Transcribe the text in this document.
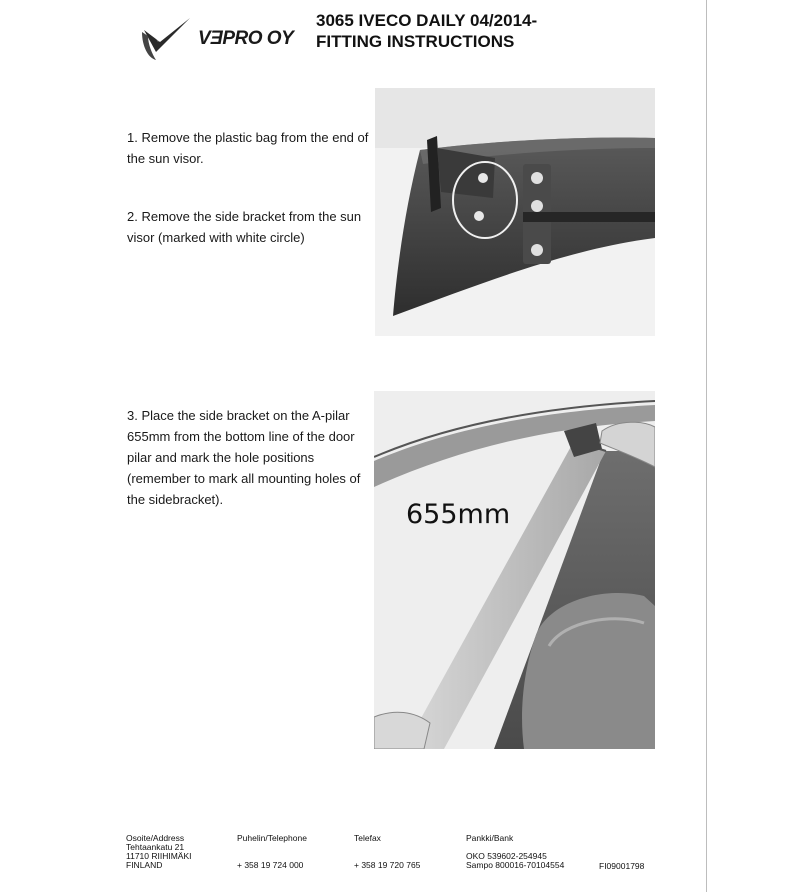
VƎPRO OY
3065 IVECO DAILY 04/2014-
FITTING INSTRUCTIONS
1. Remove the plastic bag from the end of the sun visor.
2. Remove the side bracket from the sun visor (marked with white circle)
3. Place the side bracket on the A-pilar 655mm from the bottom line of the door pilar and mark the hole positions (remember to mark all mounting holes of the sidebracket).	655mm
Osoite/Address
Tehtaankatu 21
11710 RIIHIMÄKI
FINLAND
Puhelin/Telephone
+ 358 19 724 000
Telefax
+ 358 19 720 765
Pankki/Bank
OKO 539602-254945
Sampo 800016-70104554	FI09001798
